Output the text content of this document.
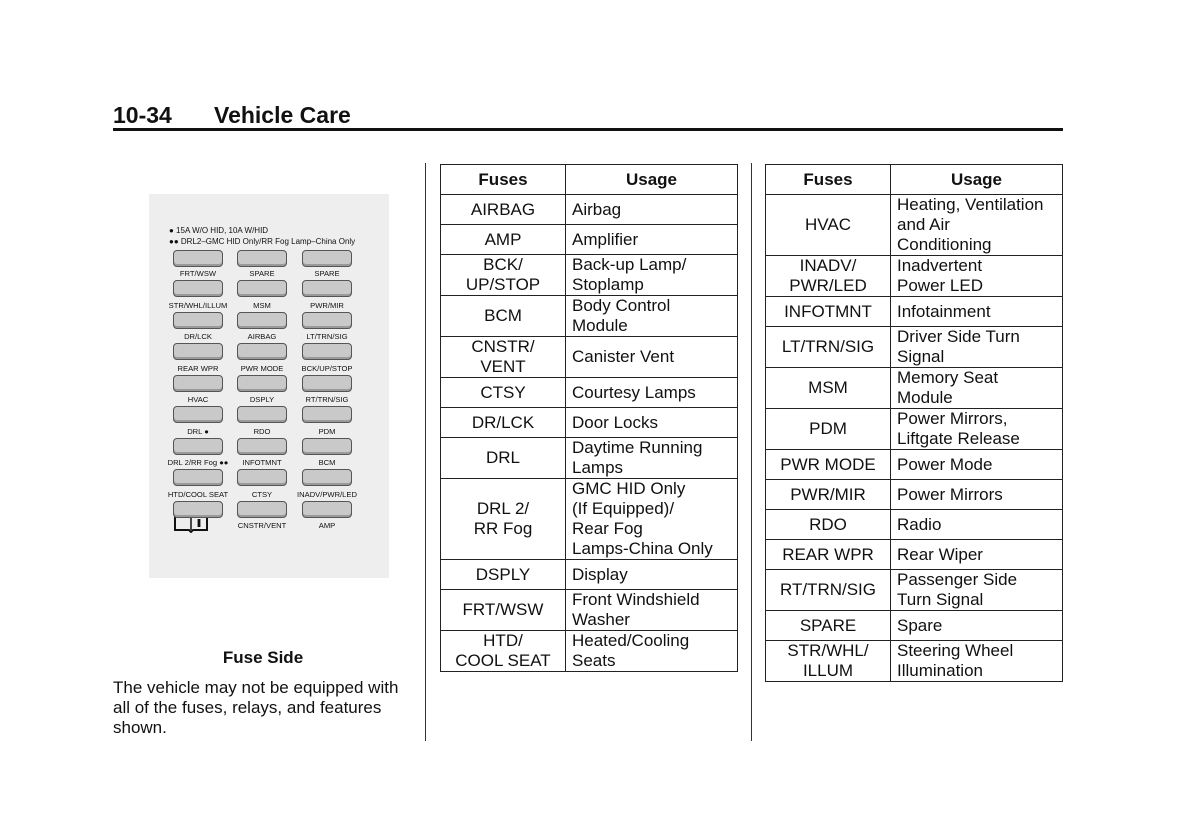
10-34 Vehicle Care
● 15A W/O HID, 10A W/HID
●● DRL2–GMC HID Only/RR Fog Lamp–China Only
FRT/WSW	SPARE	SPARE
STR/WHL/ILLUM	MSM	PWR/MIR
DR/LCK	AIRBAG	LT/TRN/SIG
REAR WPR	PWR MODE	BCK/UP/STOP
HVAC	DSPLY	RT/TRN/SIG
DRL ●	RDO	PDM
DRL 2/RR Fog ●●	INFOTMNT	BCM
HTD/COOL SEAT	CTSY	INADV/PWR/LED
CNSTR/VENT	AMP
Fuse Side
The vehicle may not be equipped with all of the fuses, relays, and features shown.
Fuses	Usage
AIRBAG	Airbag
AMP	Amplifier
BCK/
UP/STOP	Back-up Lamp/
Stoplamp
BCM	Body Control
Module
CNSTR/
VENT	Canister Vent
CTSY	Courtesy Lamps
DR/LCK	Door Locks
DRL	Daytime Running
Lamps
DRL 2/
RR Fog	GMC HID Only
(If Equipped)/
Rear Fog
Lamps-China Only
DSPLY	Display
FRT/WSW	Front Windshield
Washer
HTD/
COOL SEAT	Heated/Cooling
Seats
Fuses	Usage
HVAC	Heating, Ventilation
and Air
Conditioning
INADV/
PWR/LED	Inadvertent
Power LED
INFOTMNT	Infotainment
LT/TRN/SIG	Driver Side Turn
Signal
MSM	Memory Seat
Module
PDM	Power Mirrors,
Liftgate Release
PWR MODE	Power Mode
PWR/MIR	Power Mirrors
RDO	Radio
REAR WPR	Rear Wiper
RT/TRN/SIG	Passenger Side
Turn Signal
SPARE	Spare
STR/WHL/
ILLUM	Steering Wheel
Illumination
